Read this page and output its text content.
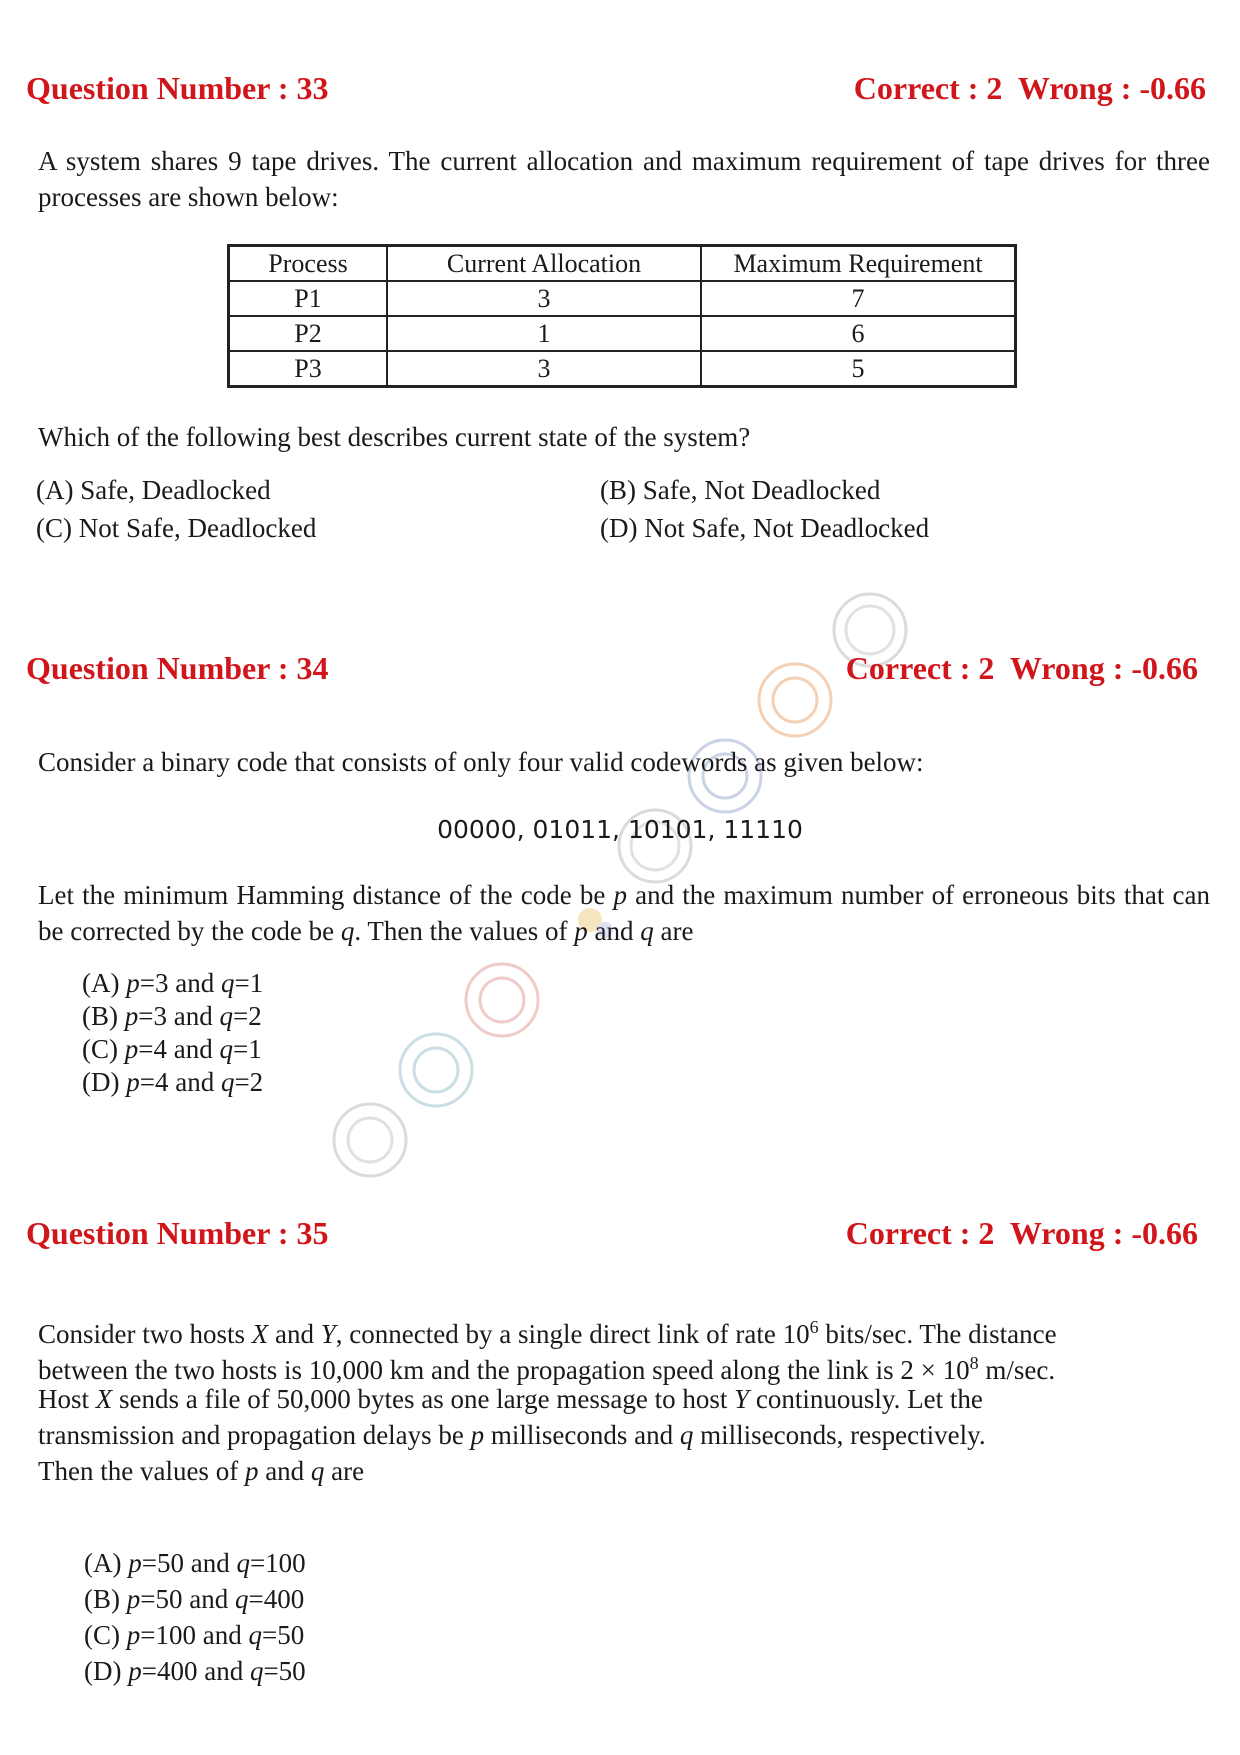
Question Number : 33	Correct : 2  Wrong : -0.66
A system shares 9 tape drives. The current allocation and maximum requirement of tape drives for three processes are shown below:
Process	Current Allocation	Maximum Requirement
P1	3	7
P2	1	6
P3	3	5
Which of the following best describes current state of the system?
(A) Safe, Deadlocked	(B) Safe, Not Deadlocked
(C) Not Safe, Deadlocked	(D) Not Safe, Not Deadlocked
Question Number : 34	Correct : 2  Wrong : -0.66
Consider a binary code that consists of only four valid codewords as given below:
00000, 01011, 10101, 11110
Let the minimum Hamming distance of the code be p and the maximum number of erroneous bits that can be corrected by the code be q. Then the values of p and q are
(A) p=3 and q=1
(B) p=3 and q=2
(C) p=4 and q=1
(D) p=4 and q=2
Question Number : 35	Correct : 2  Wrong : -0.66
Consider two hosts X and Y, connected by a single direct link of rate $10^6$ bits/sec. The distance
between the two hosts is 10,000 km and the propagation speed along the link is $2 \times 10^8$ m/sec.
Host X sends a file of 50,000 bytes as one large message to host Y continuously. Let the
transmission and propagation delays be p milliseconds and q milliseconds, respectively.
Then the values of p and q are
(A) p=50 and q=100
(B) p=50 and q=400
(C) p=100 and q=50
(D) p=400 and q=50
